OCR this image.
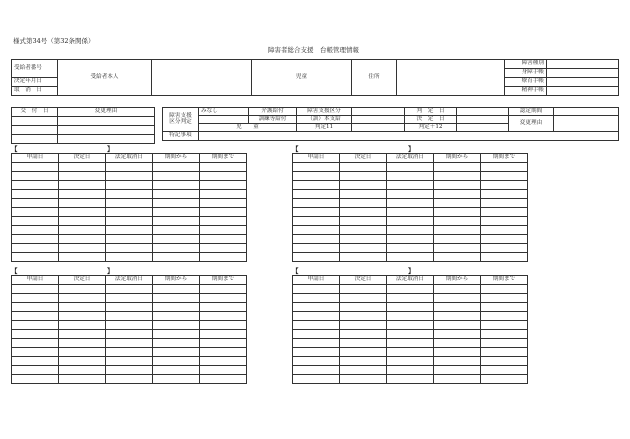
様式第34号（第32条関係）
障害者総合支援　台帳管理情報
受給者番号	受給者本人		児童	住所		障害種別	
						身障手帳	
決定年月日						療育手帳	
取　消　日						精神手帳	
交　付　日	変更理由

障害支援
区分判定	みなし	介護給付	障害支援区分		判　定　日		認定期間	
		訓練等給付	（訓）本支給		決　定　日		変更理由	
	児　　童		判定11		判定＋12			
特記事項								
【	】
申請日	決定日	法定取消日	期間から	期間まで

【	】
申請日	決定日	法定取消日	期間から	期間まで

【	】
申請日	決定日	法定取消日	期間から	期間まで

【	】
申請日	決定日	法定取消日	期間から	期間まで
